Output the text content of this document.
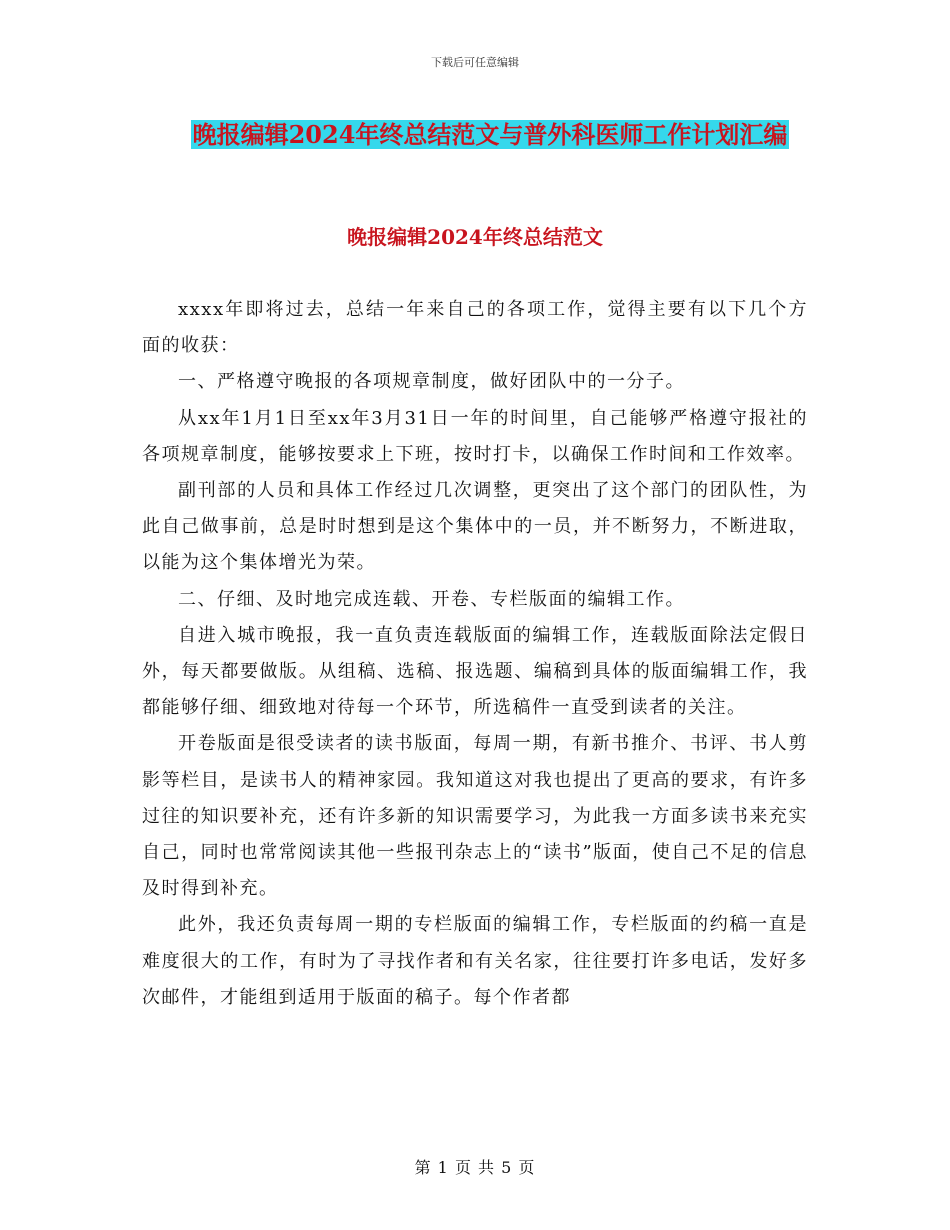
下载后可任意编辑
晚报编辑2024年终总结范文与普外科医师工作计划汇编
晚报编辑2024年终总结范文

xxxx年即将过去，总结一年来自己的各项工作，觉得主要有以下几个方面的收获：

一、严格遵守晚报的各项规章制度，做好团队中的一分子。

从xx年1月1日至xx年3月31日一年的时间里，自己能够严格遵守报社的各项规章制度，能够按要求上下班，按时打卡，以确保工作时间和工作效率。

副刊部的人员和具体工作经过几次调整，更突出了这个部门的团队性，为此自己做事前，总是时时想到是这个集体中的一员，并不断努力，不断进取，以能为这个集体增光为荣。

二、仔细、及时地完成连载、开卷、专栏版面的编辑工作。

自进入城市晚报，我一直负责连载版面的编辑工作，连载版面除法定假日外，每天都要做版。从组稿、选稿、报选题、编稿到具体的版面编辑工作，我都能够仔细、细致地对待每一个环节，所选稿件一直受到读者的关注。

开卷版面是很受读者的读书版面，每周一期，有新书推介、书评、书人剪影等栏目，是读书人的精神家园。我知道这对我也提出了更高的要求，有许多过往的知识要补充，还有许多新的知识需要学习，为此我一方面多读书来充实自己，同时也常常阅读其他一些报刊杂志上的“读书”版面，使自己不足的信息及时得到补充。

此外，我还负责每周一期的专栏版面的编辑工作，专栏版面的约稿一直是难度很大的工作，有时为了寻找作者和有关名家，往往要打许多电话，发好多次邮件，才能组到适用于版面的稿子。每个作者都

第 1 页 共 5 页
